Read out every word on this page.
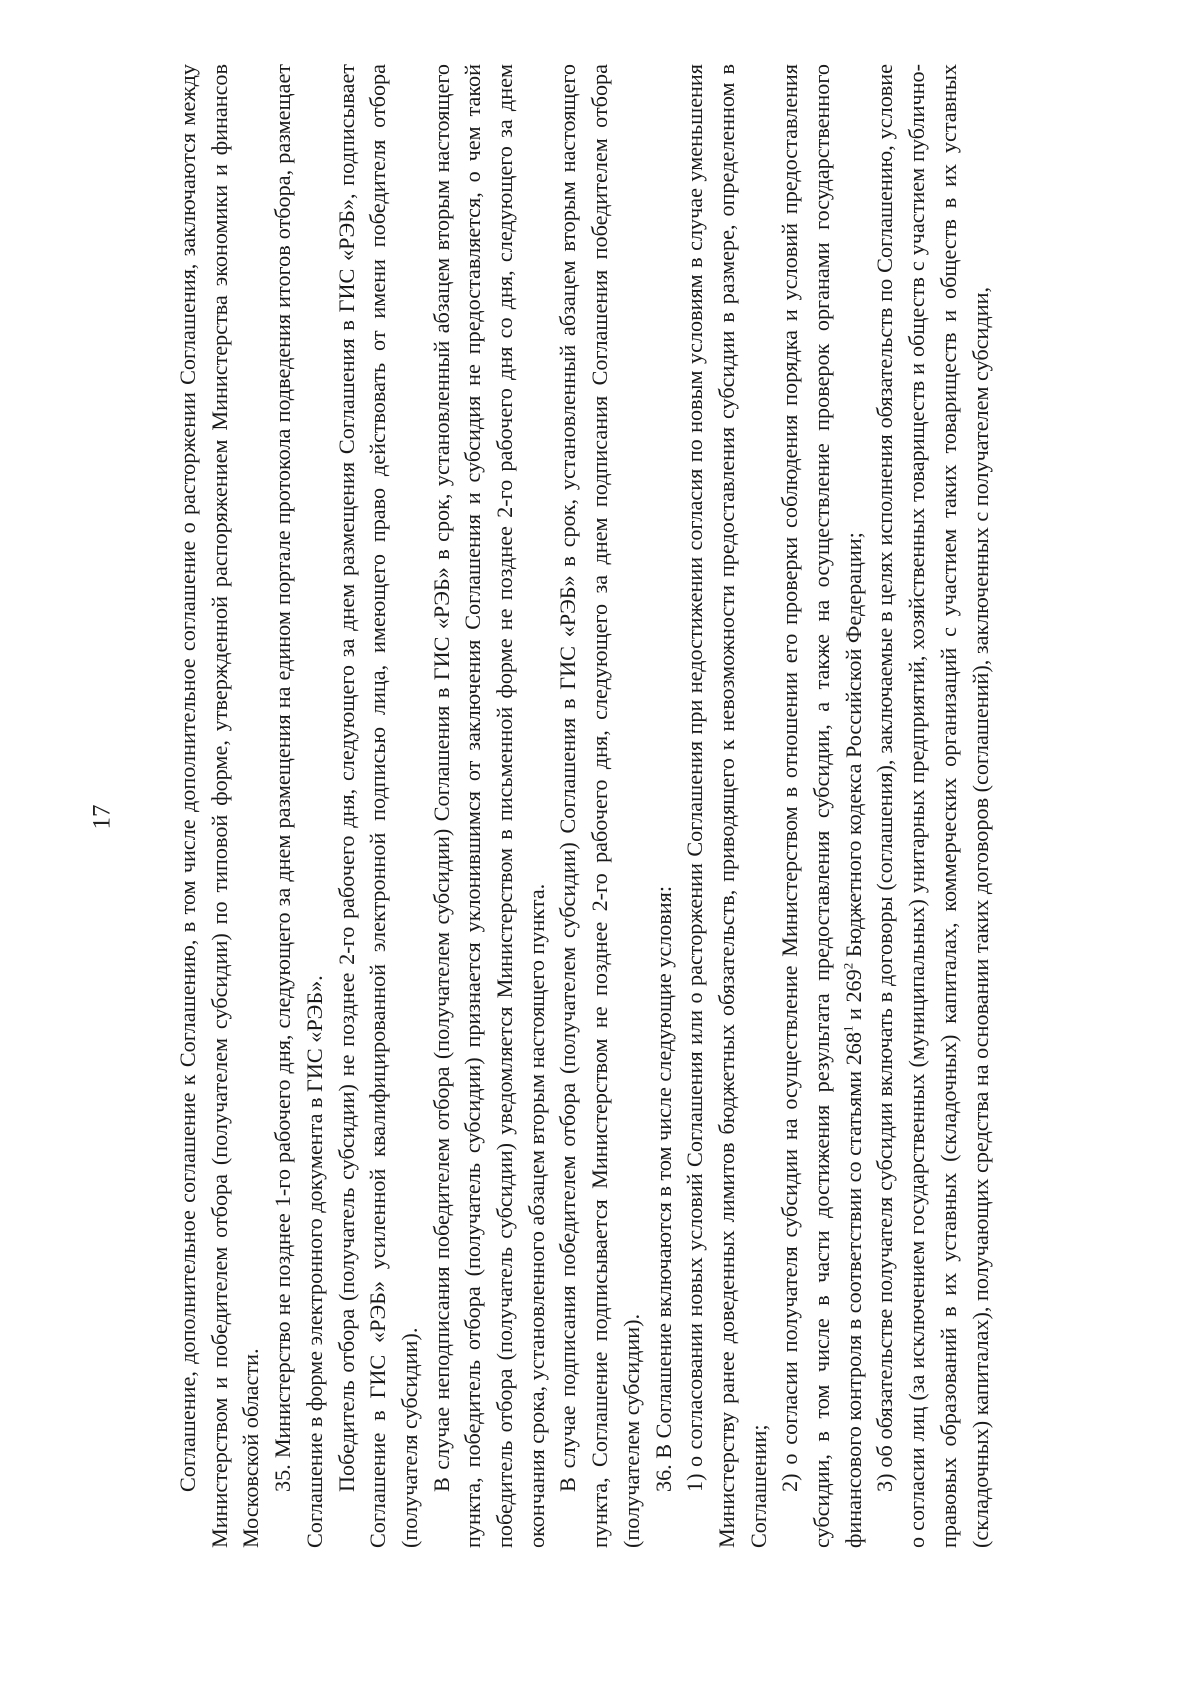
17	Соглашение, дополнительное соглашение к Соглашению, в том числе дополнительное соглашение о расторжении Соглашения, заключаются между Министерством и победителем отбора (получателем субсидии) по типовой форме, утвержденной распоряжением Министерства экономики и финансов Московской области. 35. Министерство не позднее 1-го рабочего дня, следующего за днем размещения на едином портале протокола подведения итогов отбора, размещает Соглашение в форме электронного документа в ГИС «РЭБ». Победитель отбора (получатель субсидии) не позднее 2-го рабочего дня, следующего за днем размещения Соглашения в ГИС «РЭБ», подписывает Соглашение в ГИС «РЭБ» усиленной квалифицированной электронной подписью лица, имеющего право действовать от имени победителя отбора (получателя субсидии). В случае неподписания победителем отбора (получателем субсидии) Соглашения в ГИС «РЭБ» в срок, установленный абзацем вторым настоящего пункта, победитель отбора (получатель субсидии) признается уклонившимся от заключения Соглашения и субсидия не предоставляется, о чем такой победитель отбора (получатель субсидии) уведомляется Министерством в письменной форме не позднее 2-го рабочего дня со дня, следующего за днем окончания срока, установленного абзацем вторым настоящего пункта. В случае подписания победителем отбора (получателем субсидии) Соглашения в ГИС «РЭБ» в срок, установленный абзацем вторым настоящего пункта, Соглашение подписывается Министерством не позднее 2-го рабочего дня, следующего за днем подписания Соглашения победителем отбора (получателем субсидии). 36. В Соглашение включаются в том числе следующие условия: 1) о согласовании новых условий Соглашения или о расторжении Соглашения при недостижении согласия по новым условиям в случае уменьшения Министерству ранее доведенных лимитов бюджетных обязательств, приводящего к невозможности предоставления субсидии в размере, определенном в Соглашении; 2) о согласии получателя субсидии на осуществление Министерством в отношении его проверки соблюдения порядка и условий предоставления субсидии, в том числе в части достижения результата предоставления субсидии, а также на осуществление проверок органами государственного финансового контроля в соответствии со статьями $268^1$ и $269^2$ Бюджетного кодекса Российской Федерации; 3) об обязательстве получателя субсидии включать в договоры (соглашения), заключаемые в целях исполнения обязательств по Соглашению, условие о согласии лиц (за исключением государственных (муниципальных) унитарных предприятий, хозяйственных товариществ и обществ с участием публично-правовых образований в их уставных (складочных) капиталах, коммерческих организаций с участием таких товариществ и обществ в их уставных (складочных) капиталах), получающих средства на основании таких договоров (соглашений), заключенных с получателем субсидии,
